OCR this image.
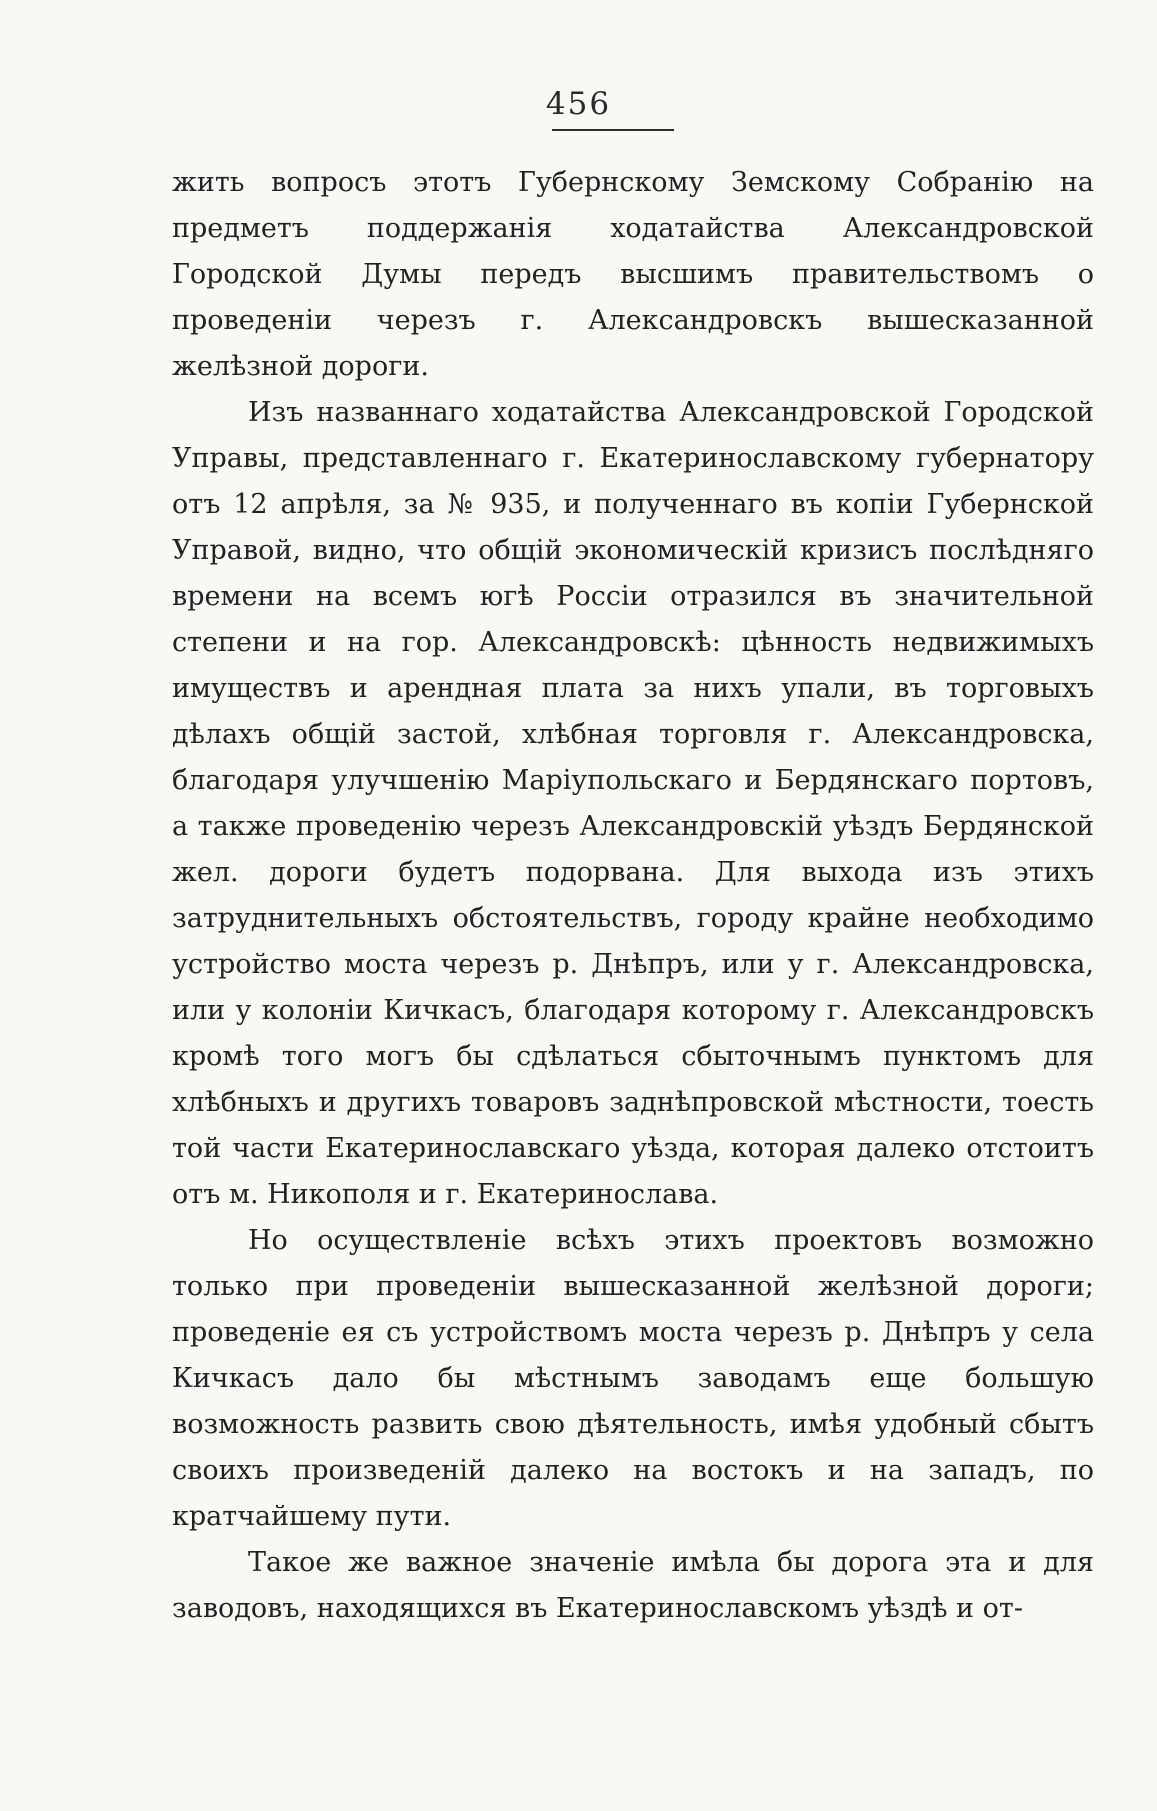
456

жить вопросъ этотъ Губернскому Земскому Собранію на предметъ поддержанія ходатайства Александровской Городской Думы передъ высшимъ правительствомъ о проведеніи черезъ г. Александровскъ вышесказанной желѣзной дороги.

Изъ названнаго ходатайства Александровской Городской Управы, представленнаго г. Екатеринославскому губернатору отъ 12 апрѣля, за № 935, и полученнаго въ копіи Губернской Управой, видно, что общій экономическій кризисъ послѣдняго времени на всемъ югѣ Россіи отразился въ значительной степени и на гор. Александровскѣ: цѣнность недвижимыхъ имуществъ и арендная плата за нихъ упали, въ торговыхъ дѣлахъ общій застой, хлѣбная торговля г. Александровска, благодаря улучшенію Маріупольскаго и Бердянскаго портовъ, а также проведенію черезъ Александровскій уѣздъ Бердянской жел. дороги будетъ подорвана. Для выхода изъ этихъ затруднительныхъ обстоятельствъ, городу крайне необходимо устройство моста черезъ р. Днѣпръ, или у г. Александровска, или у колоніи Кичкасъ, благодаря которому г. Александровскъ кромѣ того могъ бы сдѣлаться сбыточнымъ пунктомъ для хлѣбныхъ и другихъ товаровъ заднѣпровской мѣстности, тоесть той части Екатеринославскаго уѣзда, которая далеко отстоитъ отъ м. Никополя и г. Екатеринослава.

Но осуществленіе всѣхъ этихъ проектовъ возможно только при проведеніи вышесказанной желѣзной дороги; проведеніе ея съ устройствомъ моста черезъ р. Днѣпръ у села Кичкасъ дало бы мѣстнымъ заводамъ еще большую возможность развить свою дѣятельность, имѣя удобный сбытъ своихъ произведеній далеко на востокъ и на западъ, по кратчайшему пути.

Такое же важное значеніе имѣла бы дорога эта и для заводовъ, находящихся въ Екатеринославскомъ уѣздѣ и от-
